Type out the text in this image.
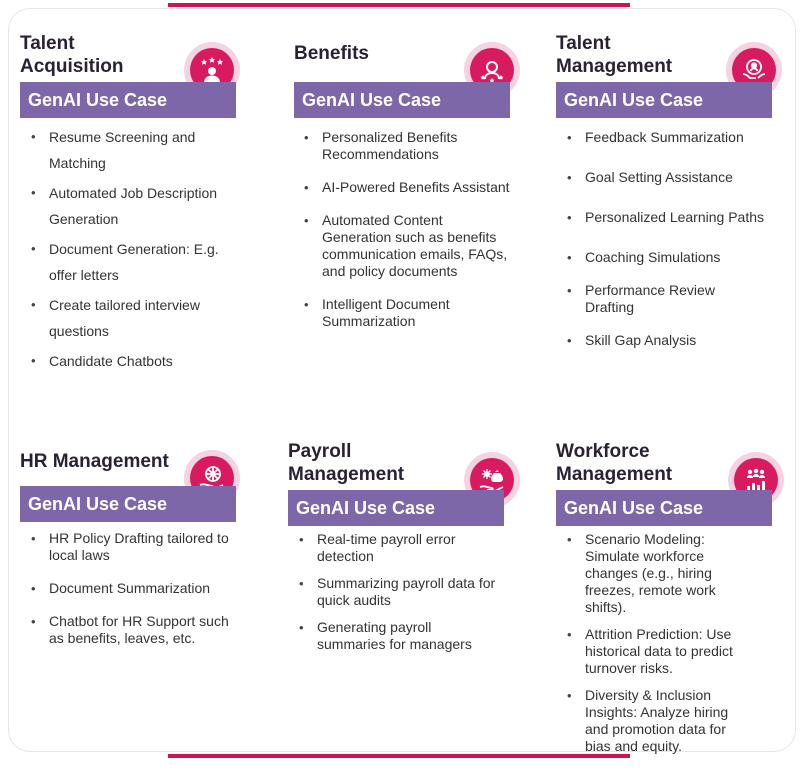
Talent
Acquisition
GenAI Use Case
• Resume Screening and Matching
• Automated Job Description Generation
• Document Generation: E.g. offer letters
• Create tailored interview questions
• Candidate Chatbots
Benefits
GenAI Use Case
• Personalized Benefits Recommendations
• AI-Powered Benefits Assistant
• Automated Content Generation such as benefits communication emails, FAQs, and policy documents
• Intelligent Document Summarization
Talent
Management
GenAI Use Case
• Feedback Summarization
• Goal Setting Assistance
• Personalized Learning Paths
• Coaching Simulations
• Performance Review Drafting
• Skill Gap Analysis
HR Management
GenAI Use Case
• HR Policy Drafting tailored to local laws
• Document Summarization
• Chatbot for HR Support such as benefits, leaves, etc.
Payroll
Management
GenAI Use Case
• Real-time payroll error detection
• Summarizing payroll data for quick audits
• Generating payroll summaries for managers
Workforce
Management
GenAI Use Case
• Scenario Modeling: Simulate workforce changes (e.g., hiring freezes, remote work shifts).
• Attrition Prediction: Use historical data to predict turnover risks.
• Diversity & Inclusion Insights: Analyze hiring and promotion data for bias and equity.
